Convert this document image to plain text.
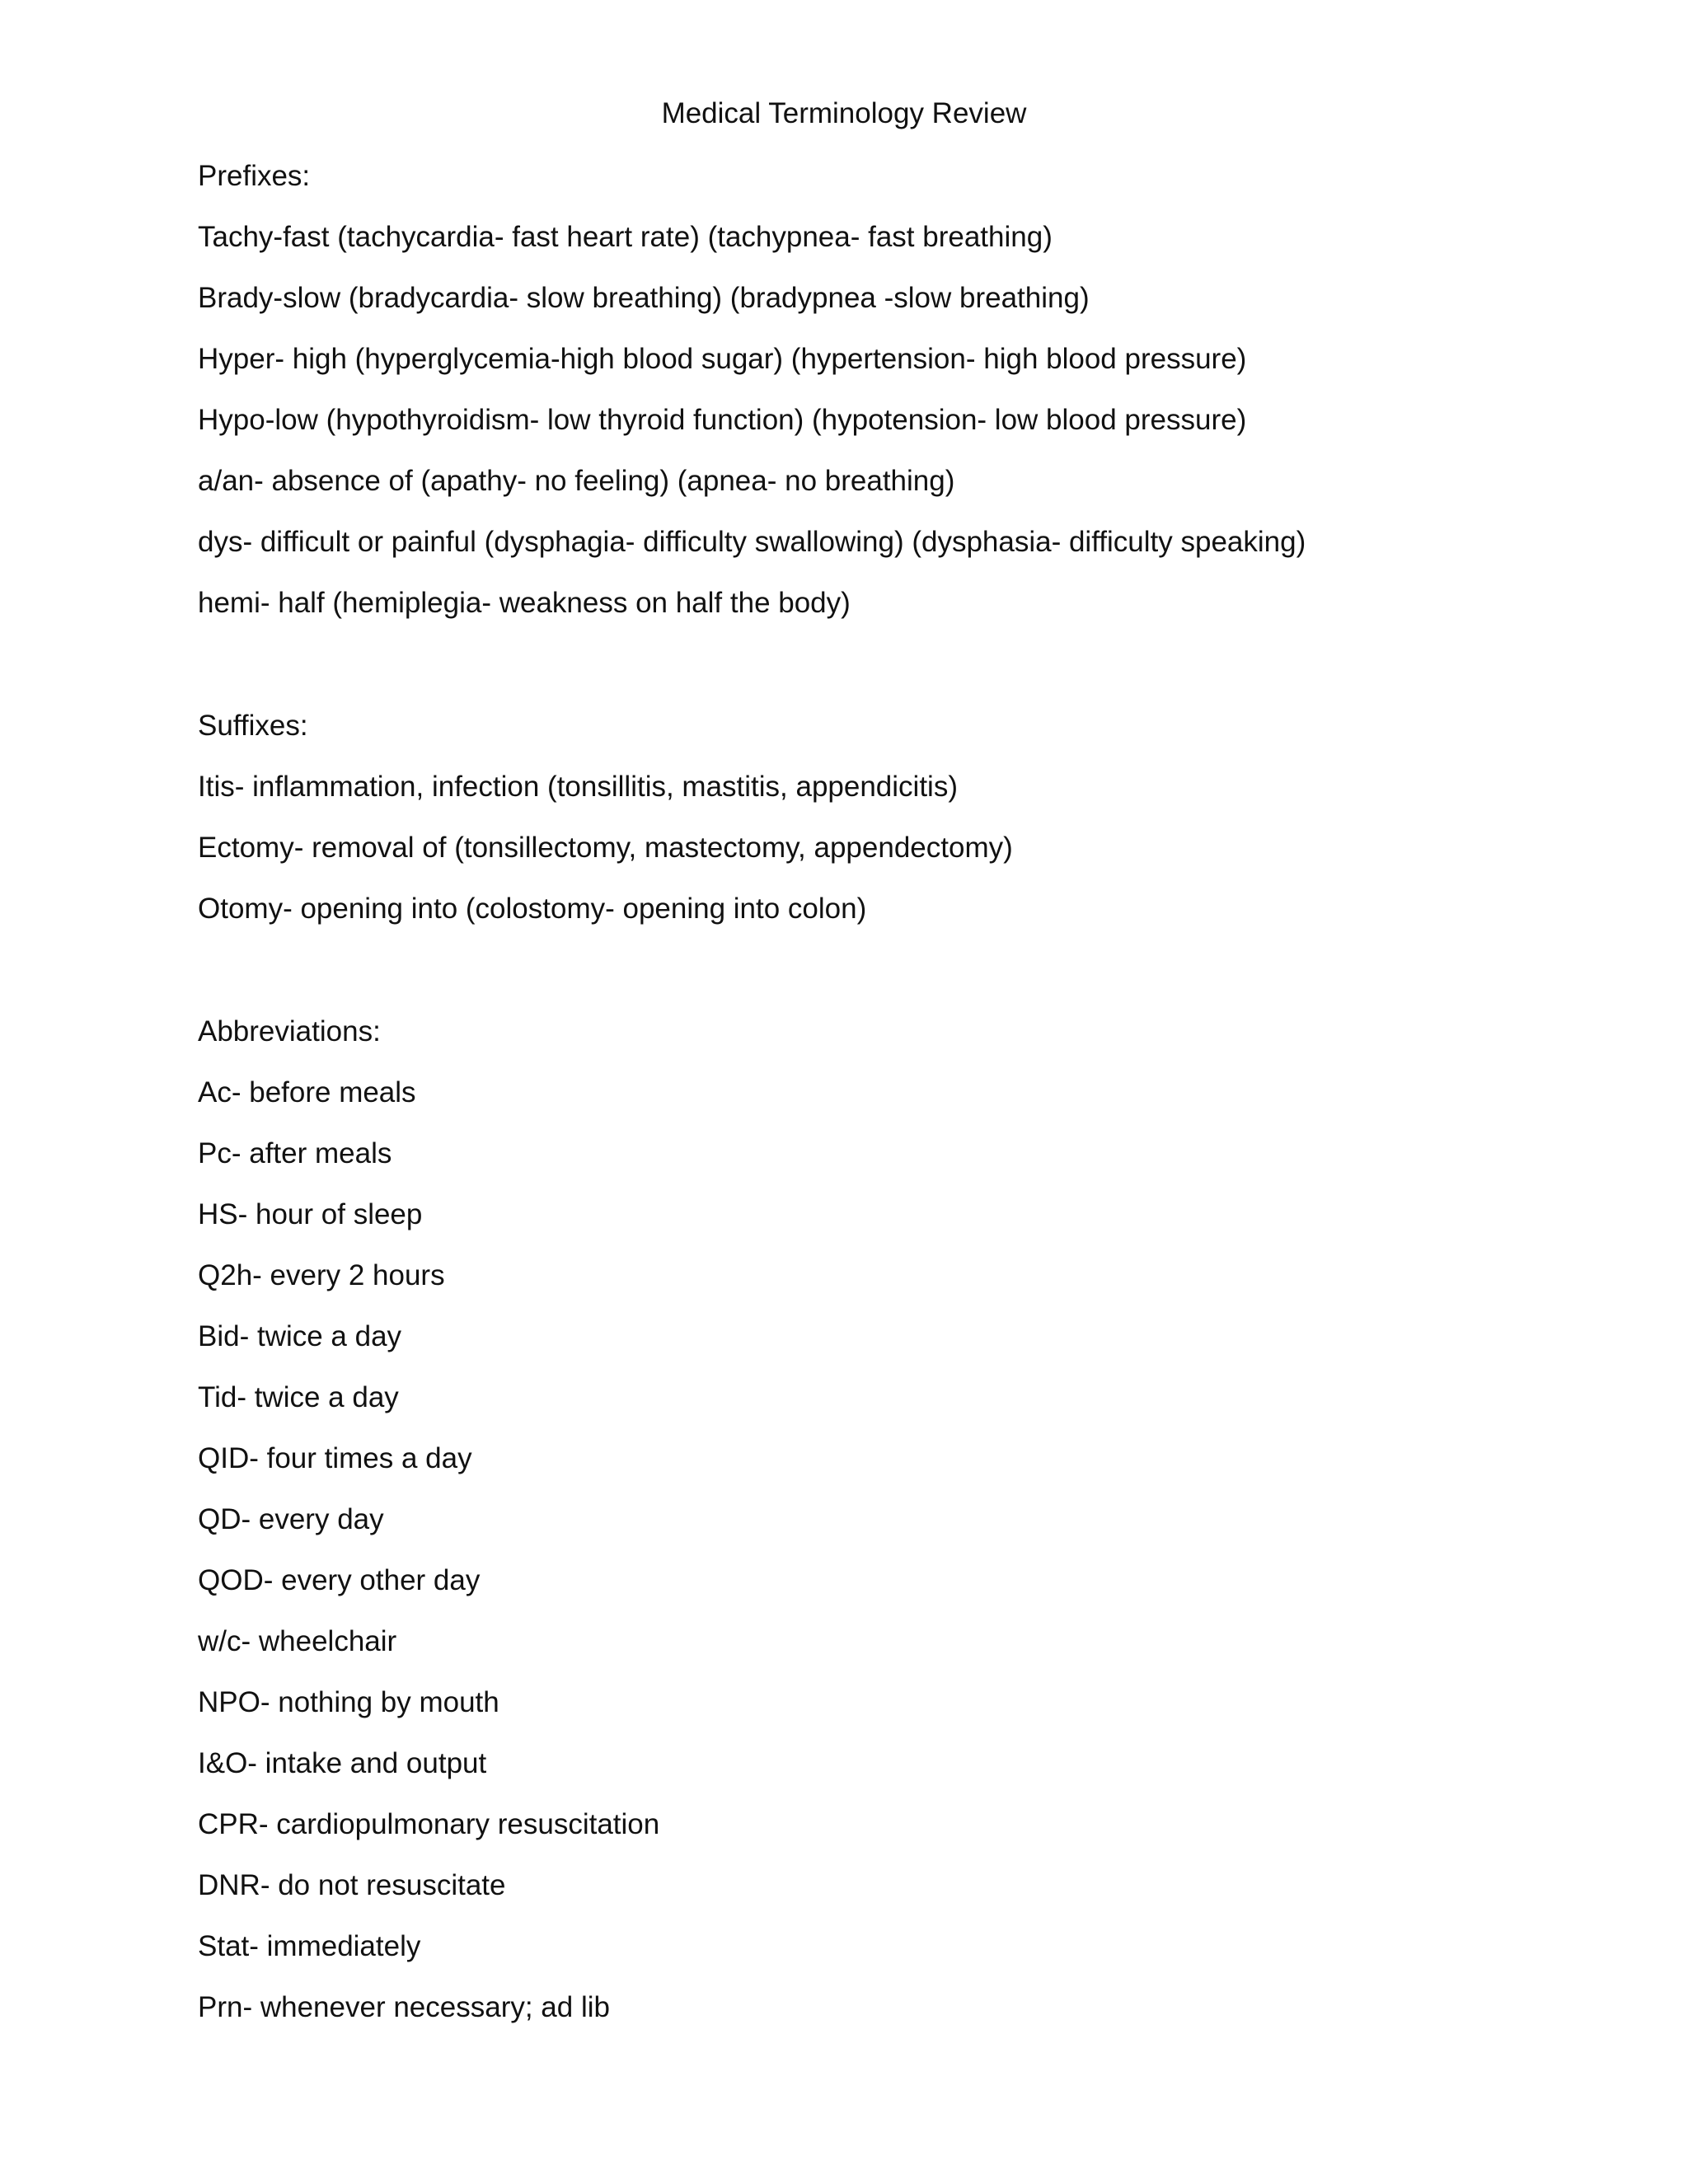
Medical Terminology Review

Prefixes:

Tachy-fast (tachycardia- fast heart rate) (tachypnea- fast breathing)

Brady-slow (bradycardia- slow breathing) (bradypnea -slow breathing)

Hyper- high (hyperglycemia-high blood sugar) (hypertension- high blood pressure)

Hypo-low (hypothyroidism- low thyroid function) (hypotension- low blood pressure)

a/an- absence of (apathy- no feeling) (apnea- no breathing)

dys- difficult or painful (dysphagia- difficulty swallowing) (dysphasia- difficulty speaking)

hemi- half (hemiplegia- weakness on half the body)

Suffixes:

Itis- inflammation, infection (tonsillitis, mastitis, appendicitis)

Ectomy- removal of (tonsillectomy, mastectomy, appendectomy)

Otomy- opening into (colostomy- opening into colon)

Abbreviations:

Ac- before meals

Pc- after meals

HS- hour of sleep

Q2h- every 2 hours

Bid- twice a day

Tid- twice a day

QID- four times a day

QD- every day

QOD- every other day

w/c- wheelchair

NPO- nothing by mouth

I&O- intake and output

CPR- cardiopulmonary resuscitation

DNR- do not resuscitate

Stat- immediately

Prn- whenever necessary; ad lib
